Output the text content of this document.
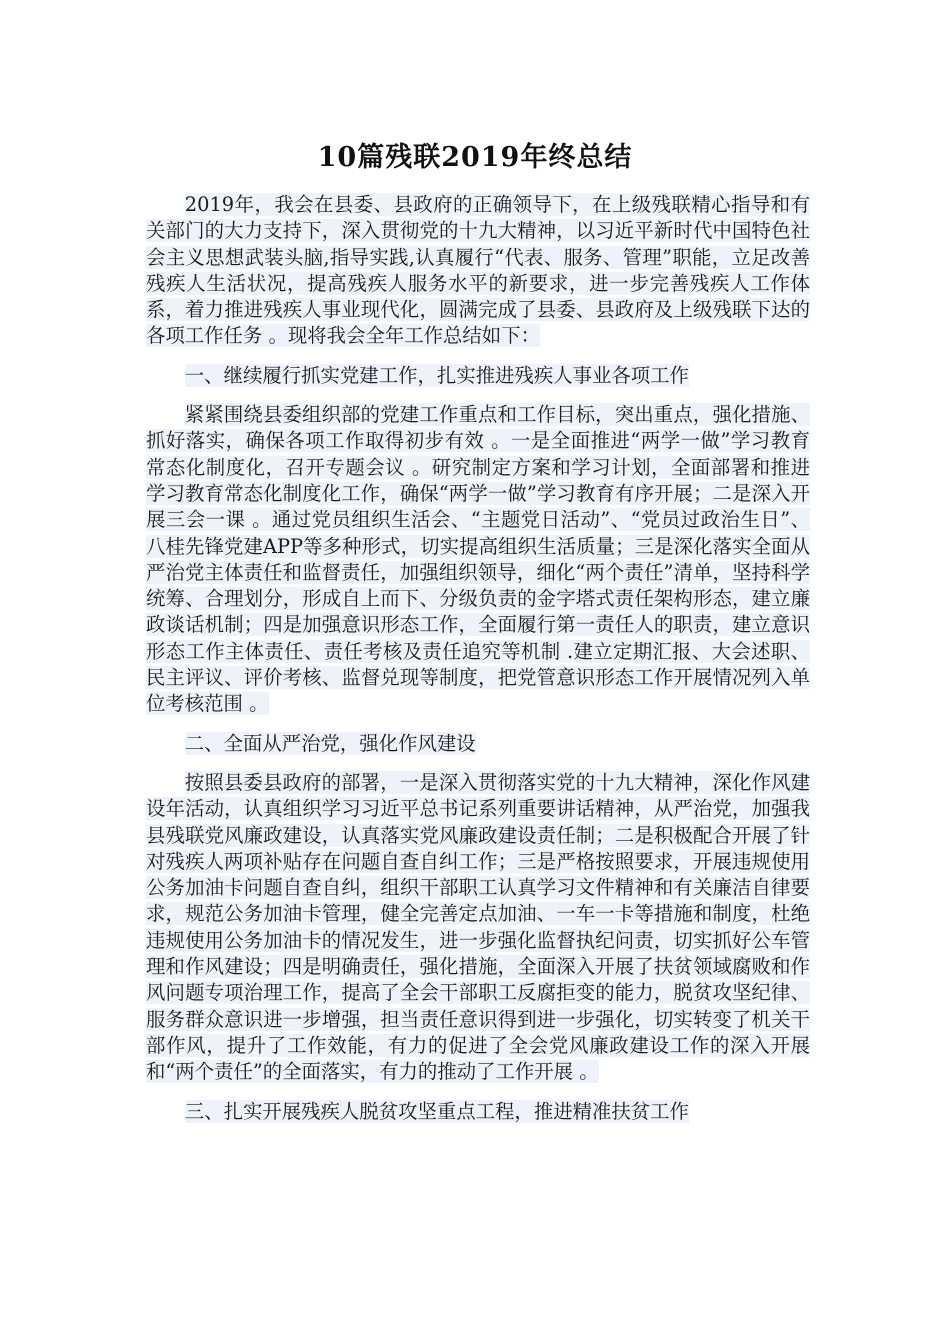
10篇残联2019年终总结

2019年，我会在县委、县政府的正确领导下，在上级残联精心指导和有关部门的大力支持下，深入贯彻党的十九大精神，以习近平新时代中国特色社会主义思想武装头脑,指导实践,认真履行“代表、服务、管理”职能，立足改善残疾人生活状况，提高残疾人服务水平的新要求，进一步完善残疾人工作体系，着力推进残疾人事业现代化，圆满完成了县委、县政府及上级残联下达的各项工作任务 。现将我会全年工作总结如下：

一、继续履行抓实党建工作，扎实推进残疾人事业各项工作

紧紧围绕县委组织部的党建工作重点和工作目标，突出重点，强化措施、抓好落实，确保各项工作取得初步有效 。一是全面推进“两学一做”学习教育常态化制度化，召开专题会议 。研究制定方案和学习计划，全面部署和推进学习教育常态化制度化工作，确保“两学一做”学习教育有序开展；二是深入开展三会一课 。通过党员组织生活会、“主题党日活动”、“党员过政治生日”、八桂先锋党建APP等多种形式，切实提高组织生活质量；三是深化落实全面从严治党主体责任和监督责任，加强组织领导，细化“两个责任”清单，坚持科学统筹、合理划分，形成自上而下、分级负责的金字塔式责任架构形态，建立廉政谈话机制；四是加强意识形态工作，全面履行第一责任人的职责，建立意识形态工作主体责任、责任考核及责任追究等机制 .建立定期汇报、大会述职、民主评议、评价考核、监督兑现等制度，把党管意识形态工作开展情况列入单位考核范围 。

二、全面从严治党，强化作风建设

按照县委县政府的部署，一是深入贯彻落实党的十九大精神，深化作风建设年活动，认真组织学习习近平总书记系列重要讲话精神，从严治党，加强我县残联党风廉政建设，认真落实党风廉政建设责任制；二是积极配合开展了针对残疾人两项补贴存在问题自查自纠工作；三是严格按照要求，开展违规使用公务加油卡问题自查自纠，组织干部职工认真学习文件精神和有关廉洁自律要求，规范公务加油卡管理，健全完善定点加油、一车一卡等措施和制度，杜绝违规使用公务加油卡的情况发生，进一步强化监督执纪问责，切实抓好公车管理和作风建设；四是明确责任，强化措施，全面深入开展了扶贫领域腐败和作风问题专项治理工作，提高了全会干部职工反腐拒变的能力，脱贫攻坚纪律、服务群众意识进一步增强，担当责任意识得到进一步强化，切实转变了机关干部作风，提升了工作效能，有力的促进了全会党风廉政建设工作的深入开展和“两个责任”的全面落实，有力的推动了工作开展 。

三、扎实开展残疾人脱贫攻坚重点工程，推进精准扶贫工作
